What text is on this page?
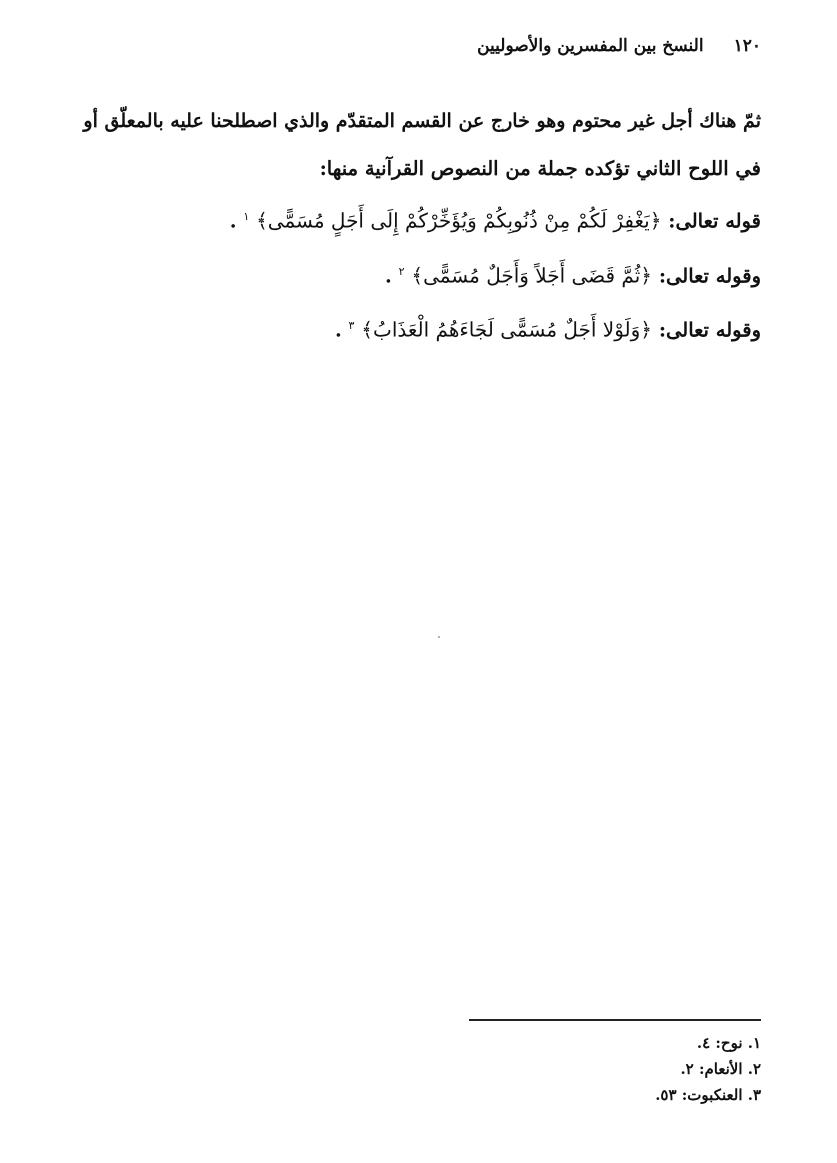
١٢٠
النسخ بين المفسرين والأصوليين

ثمّ هناك أجل غير محتوم وهو خارج عن القسم المتقدّم والذي اصطلحنا عليه بالمعلّق أو

في اللوح الثاني تؤكده جملة من النصوص القرآنية منها:

قوله تعالى: ﴿يَغْفِرْ لَكُمْ مِنْ ذُنُوبِكُمْ وَيُؤَخِّرْكُمْ إِلَى أَجَلٍ مُسَمًّى﴾ $^١$ .

وقوله تعالى: ﴿ثُمَّ قَضَى أَجَلاً وَأَجَلٌ مُسَمًّى﴾ $^٢$ .

وقوله تعالى: ﴿وَلَوْلا أَجَلٌ مُسَمًّى لَجَاءَهُمُ الْعَذَابُ﴾ $^٣$ .

١. نوح: ٤.
٢. الأنعام: ٢.
٣. العنكبوت: ٥٣.
